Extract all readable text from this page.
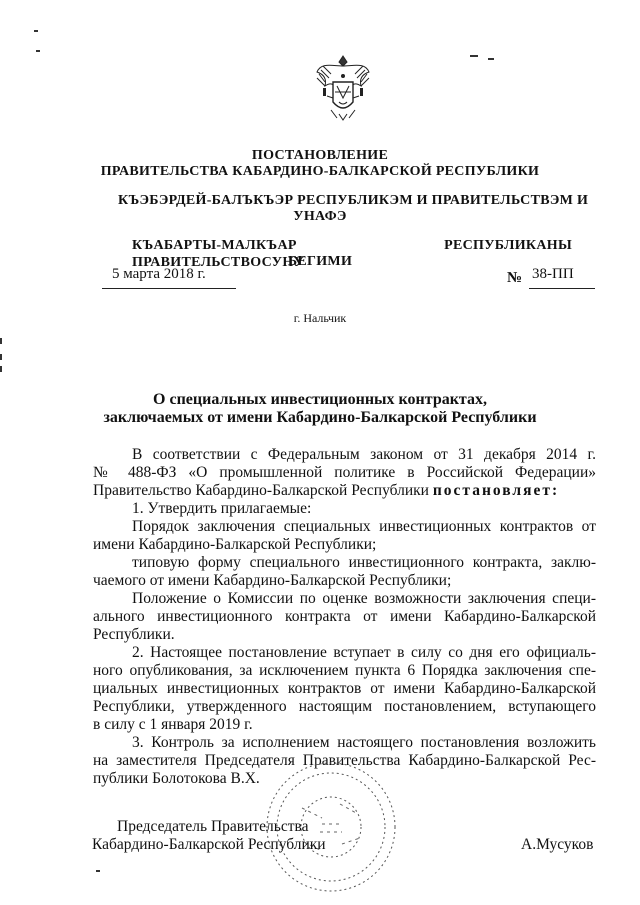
ПОСТАНОВЛЕНИЕ
ПРАВИТЕЛЬСТВА КАБАРДИНО-БАЛКАРСКОЙ РЕСПУБЛИКИ
КЪЭБЭРДЕЙ-БАЛЪКЪЭР РЕСПУБЛИКЭМ И ПРАВИТЕЛЬСТВЭМ И
УНАФЭ
КЪАБАРТЫ-МАЛКЪАР РЕСПУБЛИКАНЫ ПРАВИТЕЛЬСТВОСУНУ
БЕГИМИ
5 марта 2018 г.	№ 38-ПП
г. Нальчик
О специальных инвестиционных контрактах,
заключаемых от имени Кабардино-Балкарской Республики
В соответствии с Федеральным законом от 31 декабря 2014 г.
№ 488-ФЗ «О промышленной политике в Российской Федерации»
Правительство Кабардино-Балкарской Республики постановляет:
1. Утвердить прилагаемые:
Порядок заключения специальных инвестиционных контрактов от
имени Кабардино-Балкарской Республики;
типовую форму специального инвестиционного контракта, заклю-
чаемого от имени Кабардино-Балкарской Республики;
Положение о Комиссии по оценке возможности заключения специ-
ального инвестиционного контракта от имени Кабардино-Балкарской
Республики.
2. Настоящее постановление вступает в силу со дня его официаль-
ного опубликования, за исключением пункта 6 Порядка заключения спе-
циальных инвестиционных контрактов от имени Кабардино-Балкарской
Республики, утвержденного настоящим постановлением, вступающего
в силу с 1 января 2019 г.
3. Контроль за исполнением настоящего постановления возложить
на заместителя Председателя Правительства Кабардино-Балкарской Рес-
публики Болотокова В.Х.
Председатель Правительства
Кабардино-Балкарской Республики	А.Мусуков
